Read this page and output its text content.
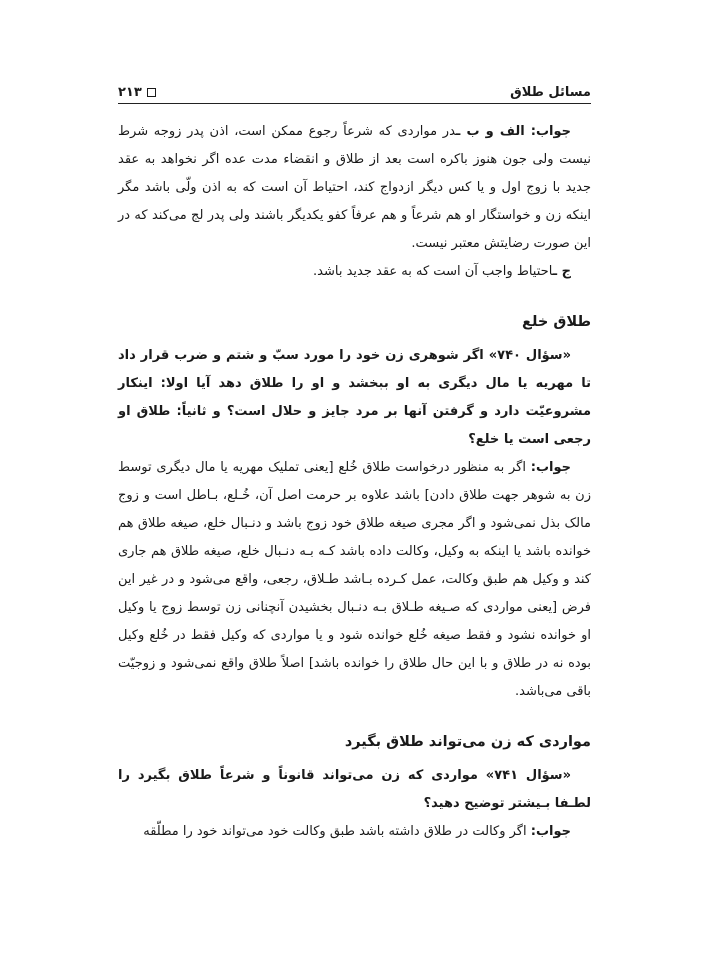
مسائل طلاق
۲۱۳

جواب: الف و ب ـدر مواردی که شرعاً رجوع ممکن است، اذن پدر زوجه شرط نیست ولی جون هنوز باکره است بعد از طلاق و انقضاء مدت عده اگر نخواهد به عقد جدید با زوج اول و یا کس دیگر ازدواج کند، احتیاط آن است که به اذن ولّی باشد مگر اینکه زن و خواستگار او هم شرعاً و هم عرفاً کفو یکدیگر باشند ولی پدر لج می‌کند که در این صورت رضایتش معتبر نیست.

ج ـاحتیاط واجب آن است که به عقد جدید باشد.

طلاق خلع

«سؤال ۷۴۰» اگر شوهری زن خود را مورد سبّ و شتم و ضرب قرار داد تا مهریه یا مال دیگری به او ببخشد و او را طلاق دهد آیا اولا: اینکار مشروعیّت دارد و گرفتن آنها بر مرد جایز و حلال است؟ و ثانیاً: طلاق او رجعی است یا خلع؟

جواب: اگر به منظور درخواست طلاق خُلع [یعنی تملیک مهریه یا مال دیگری توسط زن به شوهر جهت طلاق دادن] باشد علاوه بر حرمت اصل آن، خُـلع، بـاطل است و زوج مالک بذل نمی‌شود و اگر مجری صیغه طلاق خود زوج باشد و دنـبال خلع، صیغه طلاق هم خوانده باشد یا اینکه به وکیل، وکالت داده باشد کـه بـه دنـبال خلع، صیغه طلاق هم جاری کند و وکیل هم طبق وکالت، عمل کـرده بـاشد طـلاق، رجعی، واقع می‌شود و در غیر این فرض [یعنی مواردی که صـیغه طـلاق بـه دنـبال بخشیدن آنچنانی زن توسط زوج یا وکیل او خوانده نشود و فقط صیغه خُلع خوانده شود و یا مواردی که وکیل فقط در خُلع وکیل بوده نه در طلاق و با این حال طلاق را خوانده باشد] اصلاً طلاق واقع نمی‌شود و زوجیّت باقی می‌باشد.

مواردی که زن می‌تواند طلاق بگیرد

«سؤال ۷۴۱» مواردی که زن می‌تواند قانوناً و شرعاً طلاق بگیرد را لطـفا بـیشتر توضیح دهید؟

جواب: اگر وکالت در طلاق داشته باشد طبق وکالت خود می‌تواند خود را مطلّقه
